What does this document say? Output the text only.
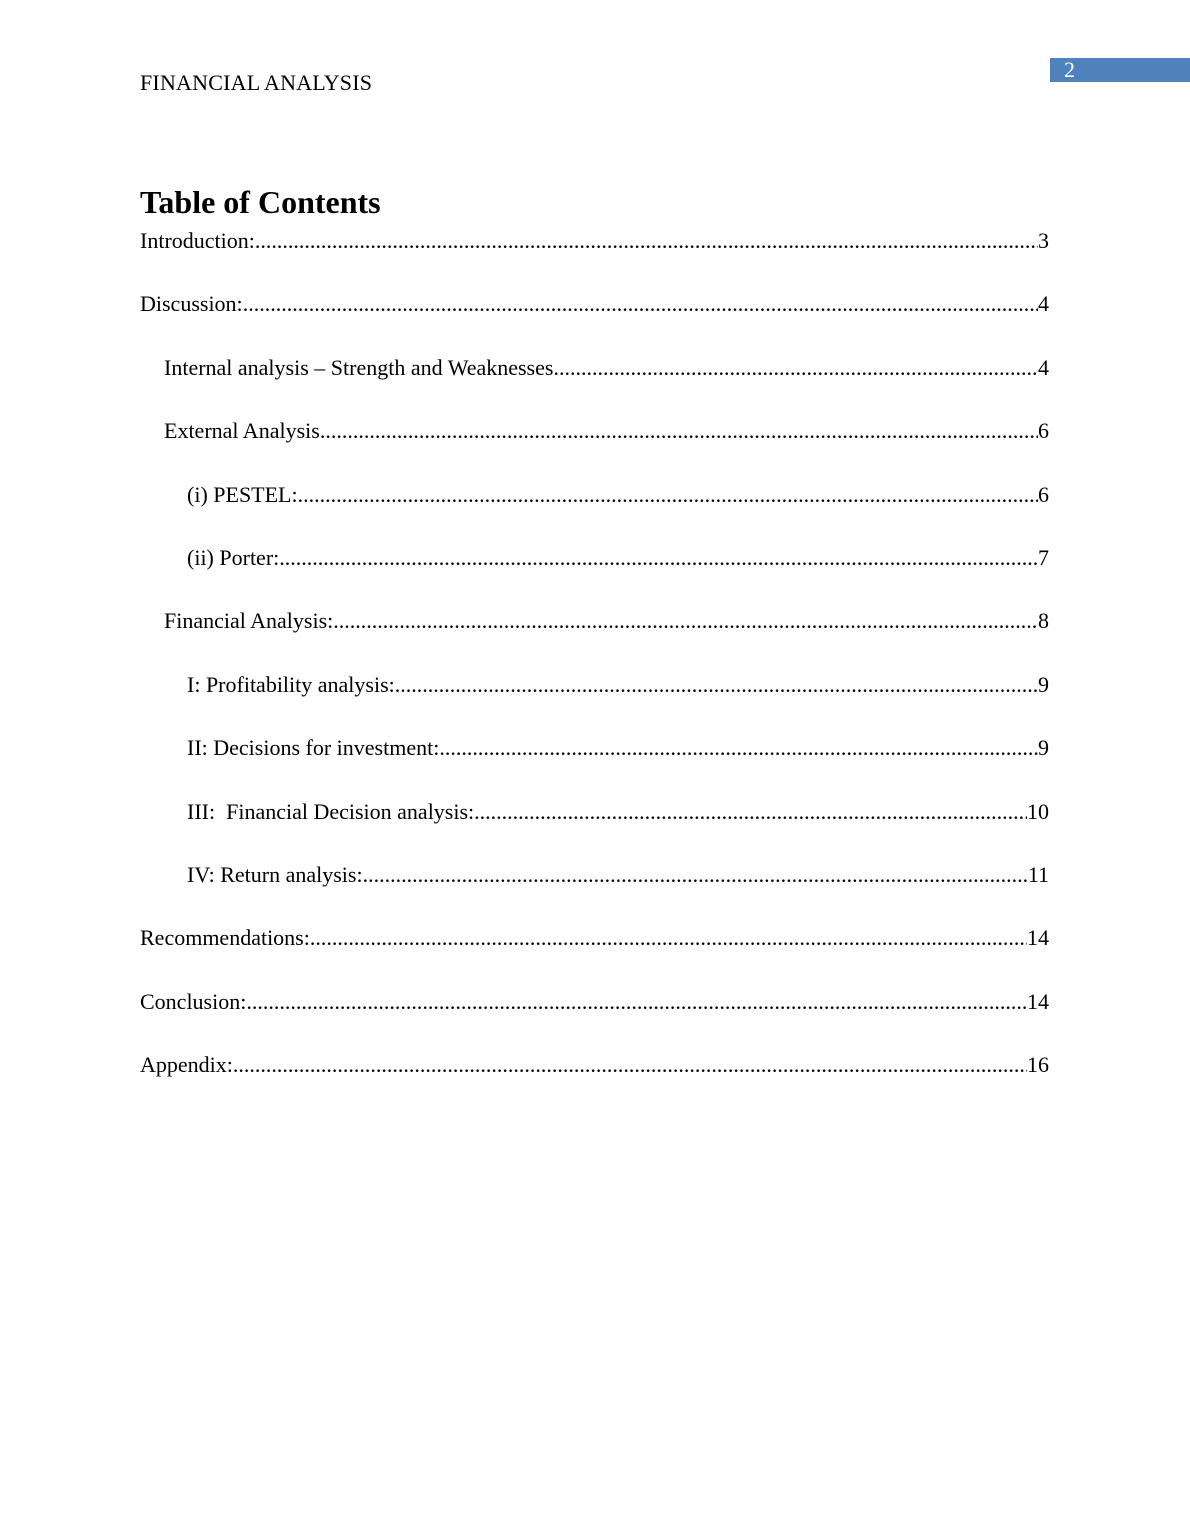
FINANCIAL ANALYSIS
2
Table of Contents
Introduction: .....	3
Discussion: .....	4
Internal analysis – Strength and Weaknesses .....	4
External Analysis .....	6
(i) PESTEL: .....	6
(ii) Porter: .....	7
Financial Analysis: .....	8
I: Profitability analysis: .....	9
II: Decisions for investment: .....	9
III:  Financial Decision analysis: .....	10
IV: Return analysis: .....	11
Recommendations: .....	14
Conclusion: .....	14
Appendix: .....	16
